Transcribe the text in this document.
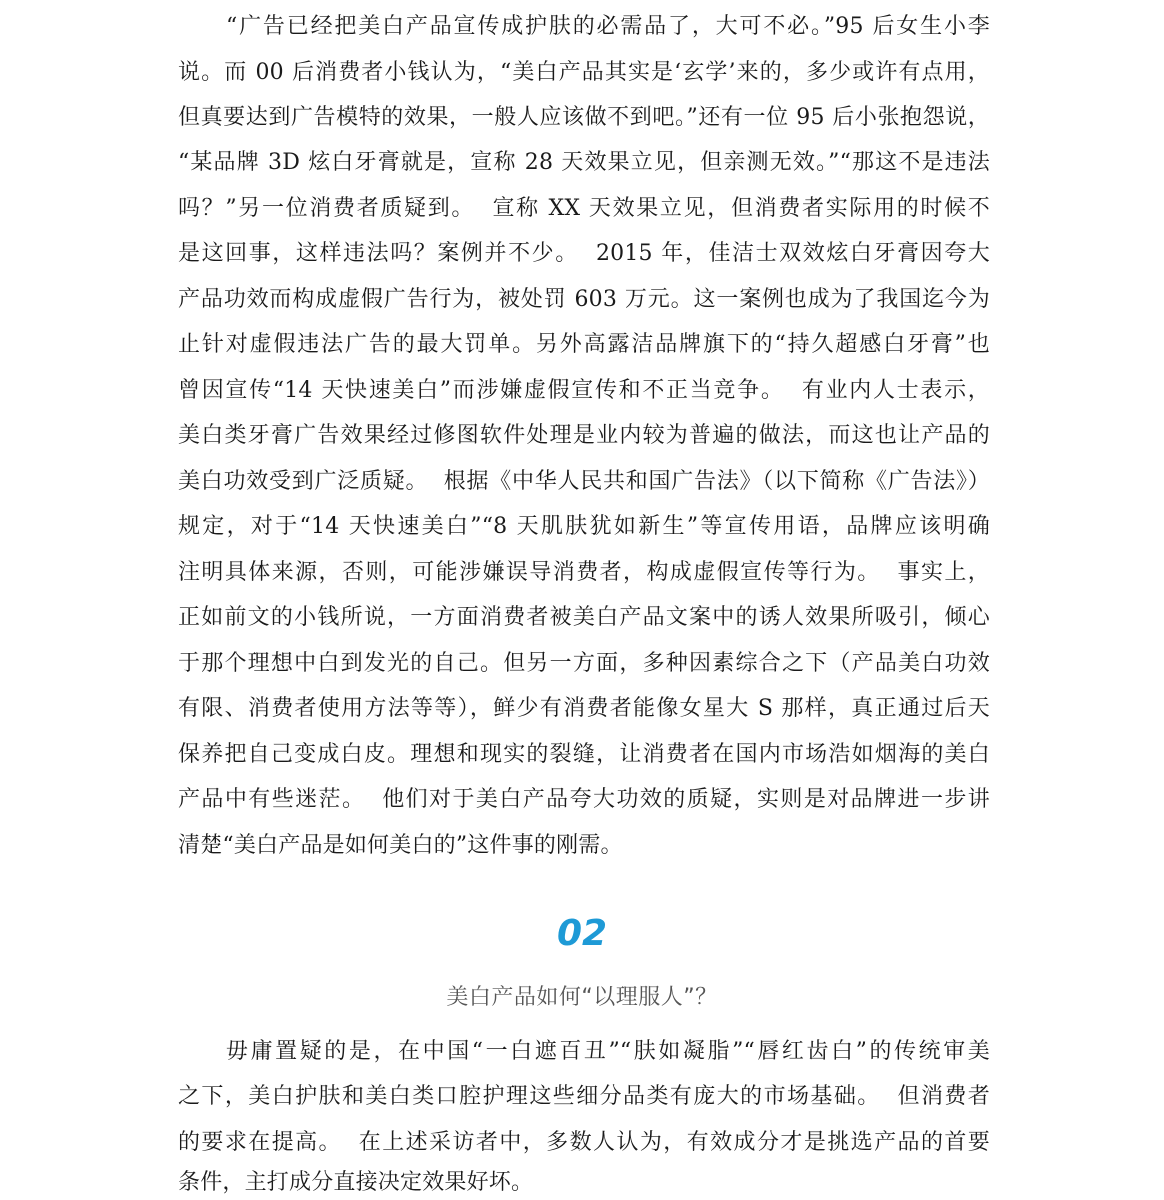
“广告已经把美白产品宣传成护肤的必需品了，大可不必。”95 后女生小李
说。而 00 后消费者小钱认为，“美白产品其实是‘玄学’来的，多少或许有点用，
但真要达到广告模特的效果，一般人应该做不到吧。”还有一位 95 后小张抱怨说，
“某品牌 3D 炫白牙膏就是，宣称 28 天效果立见，但亲测无效。”“那这不是违法
吗？”另一位消费者质疑到。  宣称 XX 天效果立见，但消费者实际用的时候不
是这回事，这样违法吗？案例并不少。  2015 年，佳洁士双效炫白牙膏因夸大
产品功效而构成虚假广告行为，被处罚 603 万元。这一案例也成为了我国迄今为
止针对虚假违法广告的最大罚单。另外高露洁品牌旗下的“持久超感白牙膏”也
曾因宣传“14 天快速美白”而涉嫌虚假宣传和不正当竞争。  有业内人士表示，
美白类牙膏广告效果经过修图软件处理是业内较为普遍的做法，而这也让产品的
美白功效受到广泛质疑。  根据《中华人民共和国广告法》（以下简称《广告法》）
规定，对于“14 天快速美白”“8 天肌肤犹如新生”等宣传用语，品牌应该明确
注明具体来源，否则，可能涉嫌误导消费者，构成虚假宣传等行为。  事实上，
正如前文的小钱所说，一方面消费者被美白产品文案中的诱人效果所吸引，倾心
于那个理想中白到发光的自己。但另一方面，多种因素综合之下（产品美白功效
有限、消费者使用方法等等），鲜少有消费者能像女星大 S 那样，真正通过后天
保养把自己变成白皮。理想和现实的裂缝，让消费者在国内市场浩如烟海的美白
产品中有些迷茫。  他们对于美白产品夸大功效的质疑，实则是对品牌进一步讲
清楚“美白产品是如何美白的”这件事的刚需。
02
美白产品如何“以理服人”？
毋庸置疑的是，在中国“一白遮百丑”“肤如凝脂”“唇红齿白”的传统审美
之下，美白护肤和美白类口腔护理这些细分品类有庞大的市场基础。  但消费者
的要求在提高。  在上述采访者中，多数人认为，有效成分才是挑选产品的首要
条件，主打成分直接决定效果好坏。
